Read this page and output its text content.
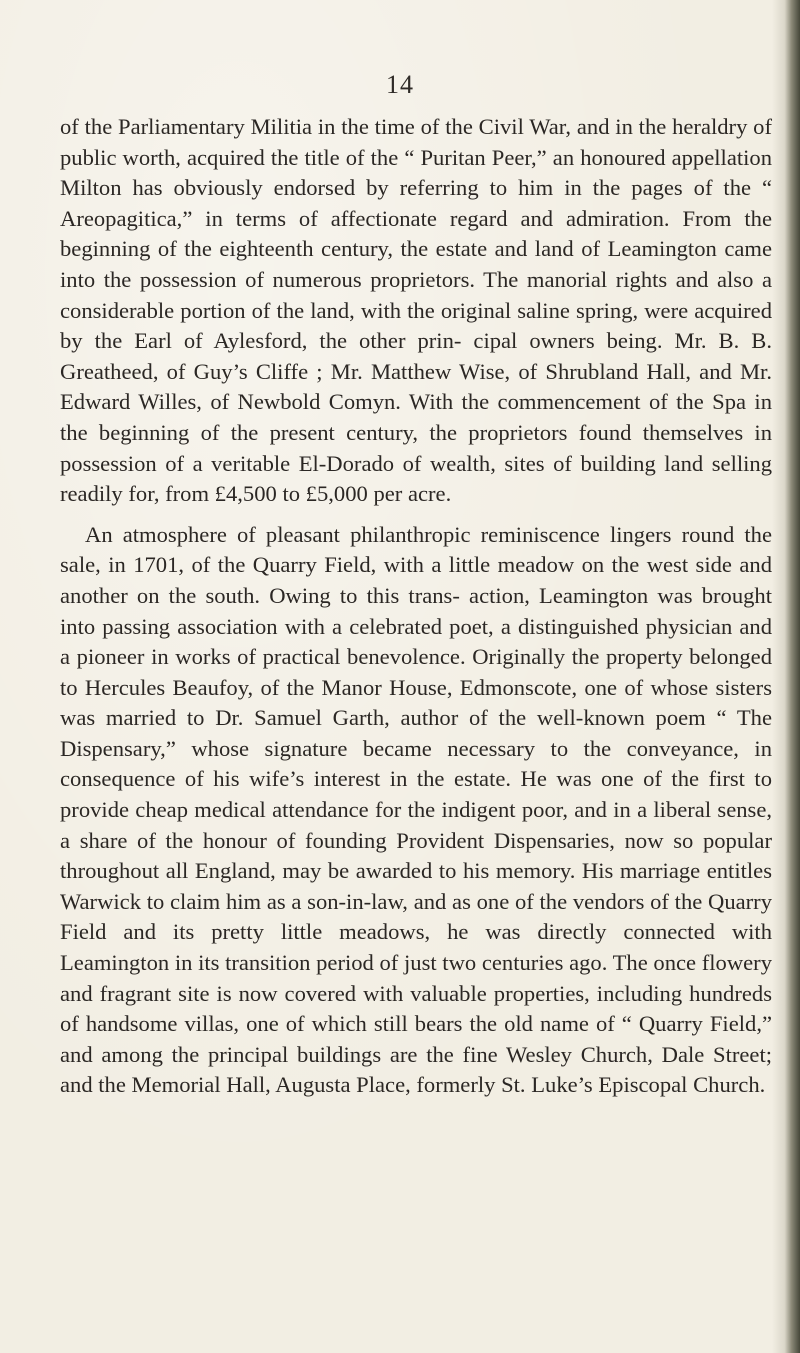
14

of the Parliamentary Militia in the time of the Civil War, and in the heraldry of public worth, acquired the title of the “ Puritan Peer,” an honoured appellation Milton has obviously endorsed by referring to him in the pages of the “ Areopagitica,” in terms of affectionate regard and admiration. From the beginning of the eighteenth century, the estate and land of Leamington came into the possession of numerous proprietors. The manorial rights and also a considerable portion of the land, with the original saline spring, were acquired by the Earl of Aylesford, the other prin- cipal owners being. Mr. B. B. Greatheed, of Guy’s Cliffe ; Mr. Matthew Wise, of Shrubland Hall, and Mr. Edward Willes, of Newbold Comyn. With the commencement of the Spa in the beginning of the present century, the proprietors found themselves in possession of a veritable El-Dorado of wealth, sites of building land selling readily for, from £4,500 to £5,000 per acre.

An atmosphere of pleasant philanthropic reminiscence lingers round the sale, in 1701, of the Quarry Field, with a little meadow on the west side and another on the south. Owing to this trans- action, Leamington was brought into passing association with a celebrated poet, a distinguished physician and a pioneer in works of practical benevolence. Originally the property belonged to Hercules Beaufoy, of the Manor House, Edmonscote, one of whose sisters was married to Dr. Samuel Garth, author of the well-known poem “ The Dispensary,” whose signature became necessary to the conveyance, in consequence of his wife’s interest in the estate. He was one of the first to provide cheap medical attendance for the indigent poor, and in a liberal sense, a share of the honour of founding Provident Dispensaries, now so popular throughout all England, may be awarded to his memory. His marriage entitles Warwick to claim him as a son-in-law, and as one of the vendors of the Quarry Field and its pretty little meadows, he was directly connected with Leamington in its transition period of just two centuries ago. The once flowery and fragrant site is now covered with valuable properties, including hundreds of handsome villas, one of which still bears the old name of “ Quarry Field,” and among the principal buildings are the fine Wesley Church, Dale Street; and the Memorial Hall, Augusta Place, formerly St. Luke’s Episcopal Church.
